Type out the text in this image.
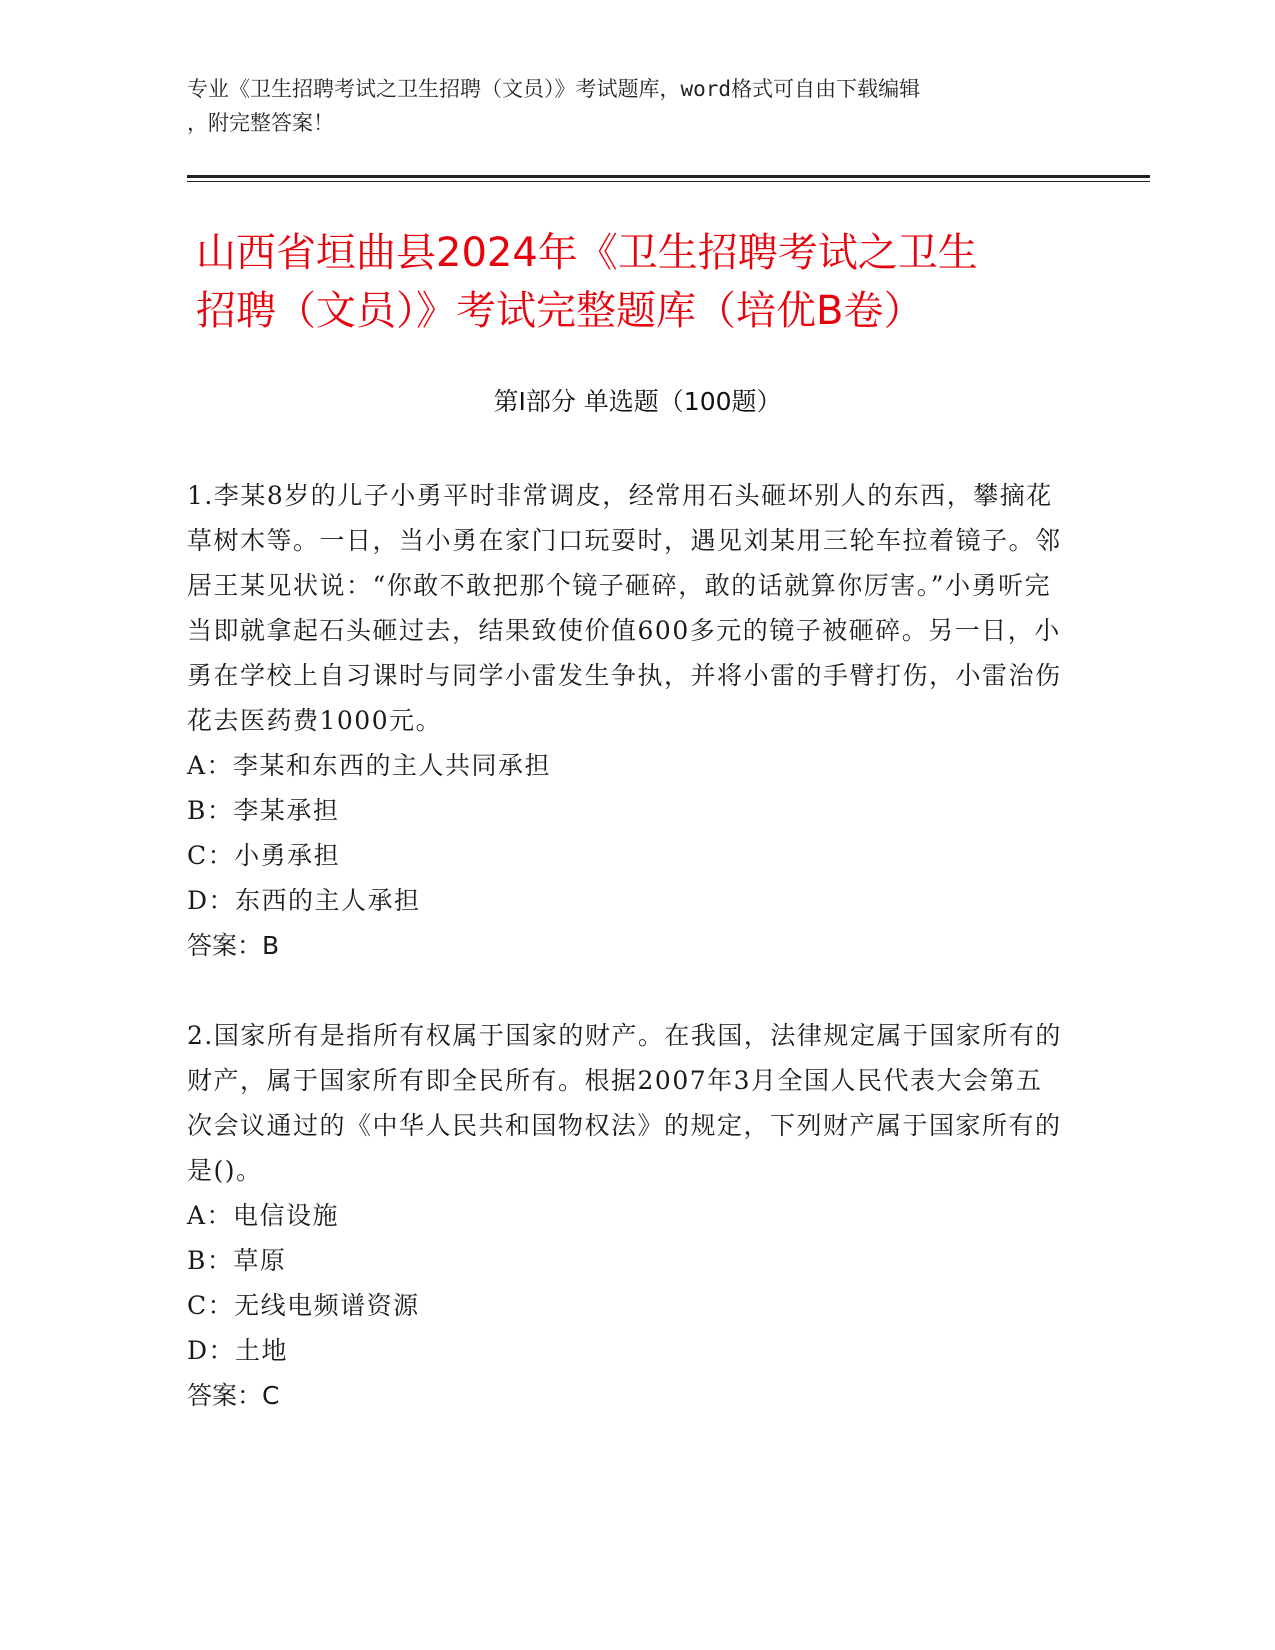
专业《卫生招聘考试之卫生招聘（文员）》考试题库，word格式可自由下载编辑
，附完整答案！
山西省垣曲县2024年《卫生招聘考试之卫生
招聘（文员）》考试完整题库（培优B卷）
第Ⅰ部分 单选题（100题）

1.李某8岁的儿子小勇平时非常调皮，经常用石头砸坏别人的东西，攀摘花草树木等。一日，当小勇在家门口玩耍时，遇见刘某用三轮车拉着镜子。邻居王某见状说：“你敢不敢把那个镜子砸碎，敢的话就算你厉害。”小勇听完当即就拿起石头砸过去，结果致使价值600多元的镜子被砸碎。另一日，小勇在学校上自习课时与同学小雷发生争执，并将小雷的手臂打伤，小雷治伤花去医药费1000元。

A：李某和东西的主人共同承担

B：李某承担

C：小勇承担

D：东西的主人承担

答案：B

2.国家所有是指所有权属于国家的财产。在我国，法律规定属于国家所有的财产，属于国家所有即全民所有。根据2007年3月全国人民代表大会第五次会议通过的《中华人民共和国物权法》的规定，下列财产属于国家所有的是()。

A：电信设施

B：草原

C：无线电频谱资源

D：土地

答案：C
